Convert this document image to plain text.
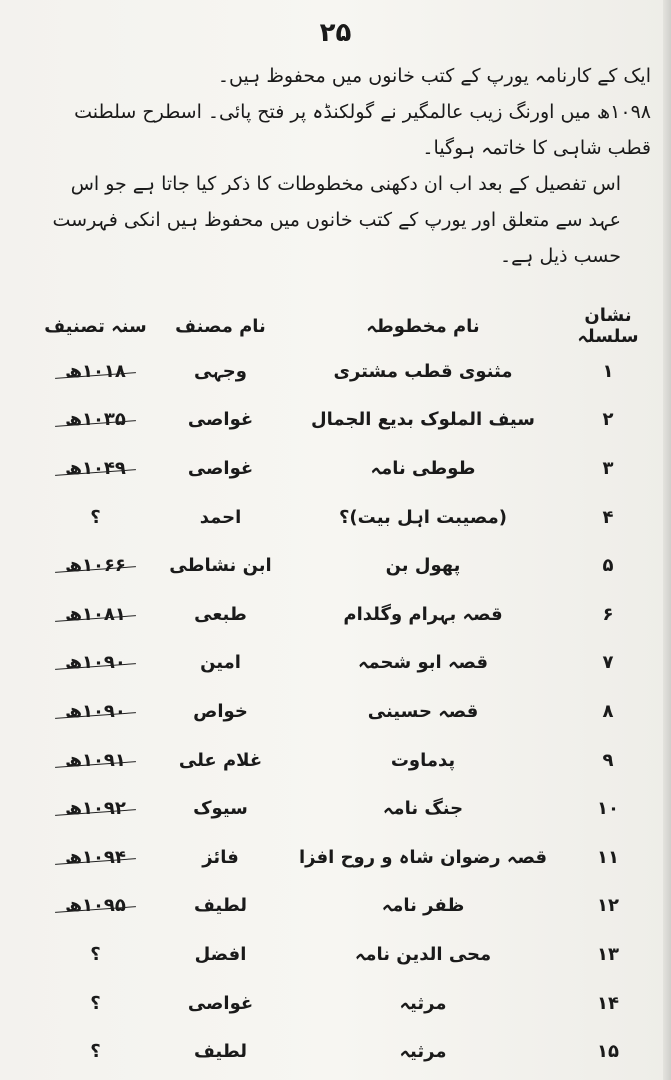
۲۵

ایک کے کارنامہ یورپ کے کتب خانوں میں محفوظ ہیں۔

۱۰۹۸ھ میں اورنگ زیب عالمگیر نے گولکنڈہ پر فتح پائی۔ اسطرح سلطنت قطب شاہی کا خاتمہ ہوگیا۔

اس تفصیل کے بعد اب ان دکھنی مخطوطات کا ذکر کیا جاتا ہے جو اس عہد سے متعلق اور یورپ کے کتب خانوں میں محفوظ ہیں انکی فہرست حسب ذیل ہے۔

نشان سلسلہ	نام مخطوطہ	نام مصنف	سنہ تصنیف
۱	مثنوی قطب مشتری	وجہی	۱۰۱۸ھ

۲	سیف الملوک بدیع الجمال	غواصی	۱۰۳۵ھ

۳	طوطی نامہ	غواصی	۱۰۴۹ھ

۴	(مصیبت اہل بیت)؟	احمد	؟
۵	پھول بن	ابن نشاطی	۱۰۶۶ھ

۶	قصہ بہرام وگلدام	طبعی	۱۰۸۱ھ

۷	قصہ ابو شحمہ	امین	۱۰۹۰ھ

۸	قصہ حسینی	خواص	۱۰۹۰ھ

۹	پدماوت	غلام علی	۱۰۹۱ھ

۱۰	جنگ نامہ	سیوک	۱۰۹۲ھ

۱۱	قصہ رضوان شاہ و روح افزا	فائز	۱۰۹۴ھ

۱۲	ظفر نامہ	لطیف	۱۰۹۵ھ

۱۳	محی الدین نامہ	افضل	؟
۱۴	مرثیہ	غواصی	؟
۱۵	مرثیہ	لطیف	؟
